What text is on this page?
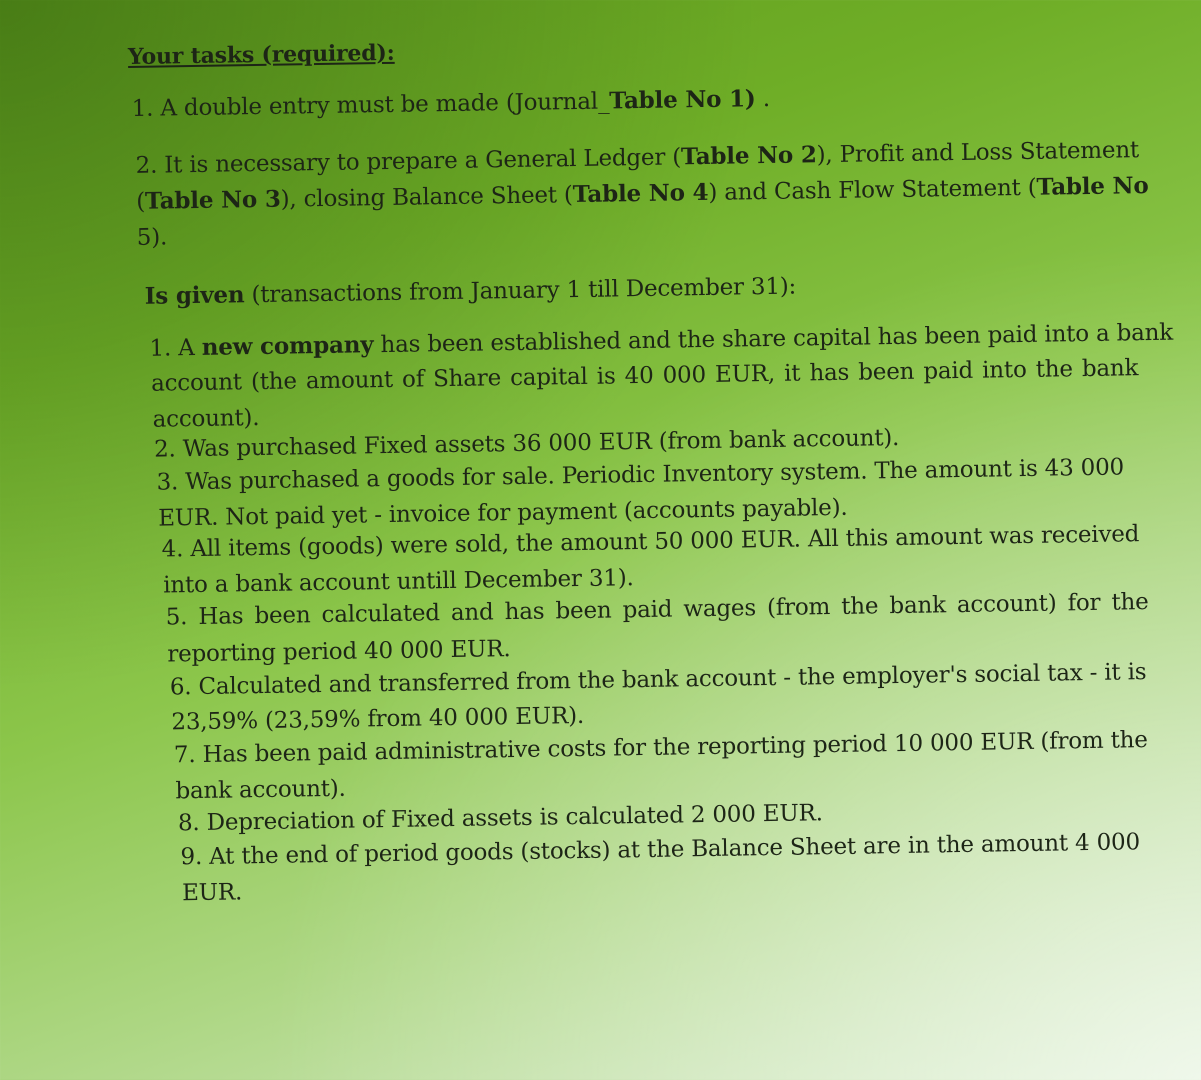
Your tasks (required):
1. A double entry must be made (Journal_Table No 1) .
2. It is necessary to prepare a General Ledger (Table No 2), Profit and Loss Statement
(Table No 3), closing Balance Sheet (Table No 4) and Cash Flow Statement (Table No
5).
Is given (transactions from January 1 till December 31):
1. A new company has been established and the share capital has been paid into a bank
account (the amount of Share capital is 40 000 EUR, it has been paid into the bank
account).
2. Was purchased Fixed assets 36 000 EUR (from bank account).
3. Was purchased a goods for sale. Periodic Inventory system. The amount is 43 000
EUR. Not paid yet - invoice for payment (accounts payable).
4. All items (goods) were sold, the amount 50 000 EUR. All this amount was received
into a bank account untill December 31).
5. Has been calculated and has been paid wages (from the bank account) for the
reporting period 40 000 EUR.
6. Calculated and transferred from the bank account - the employer's social tax - it is
23,59% (23,59% from 40 000 EUR).
7. Has been paid administrative costs for the reporting period 10 000 EUR (from the
bank account).
8. Depreciation of Fixed assets is calculated 2 000 EUR.
9. At the end of period goods (stocks) at the Balance Sheet are in the amount 4 000
EUR.
